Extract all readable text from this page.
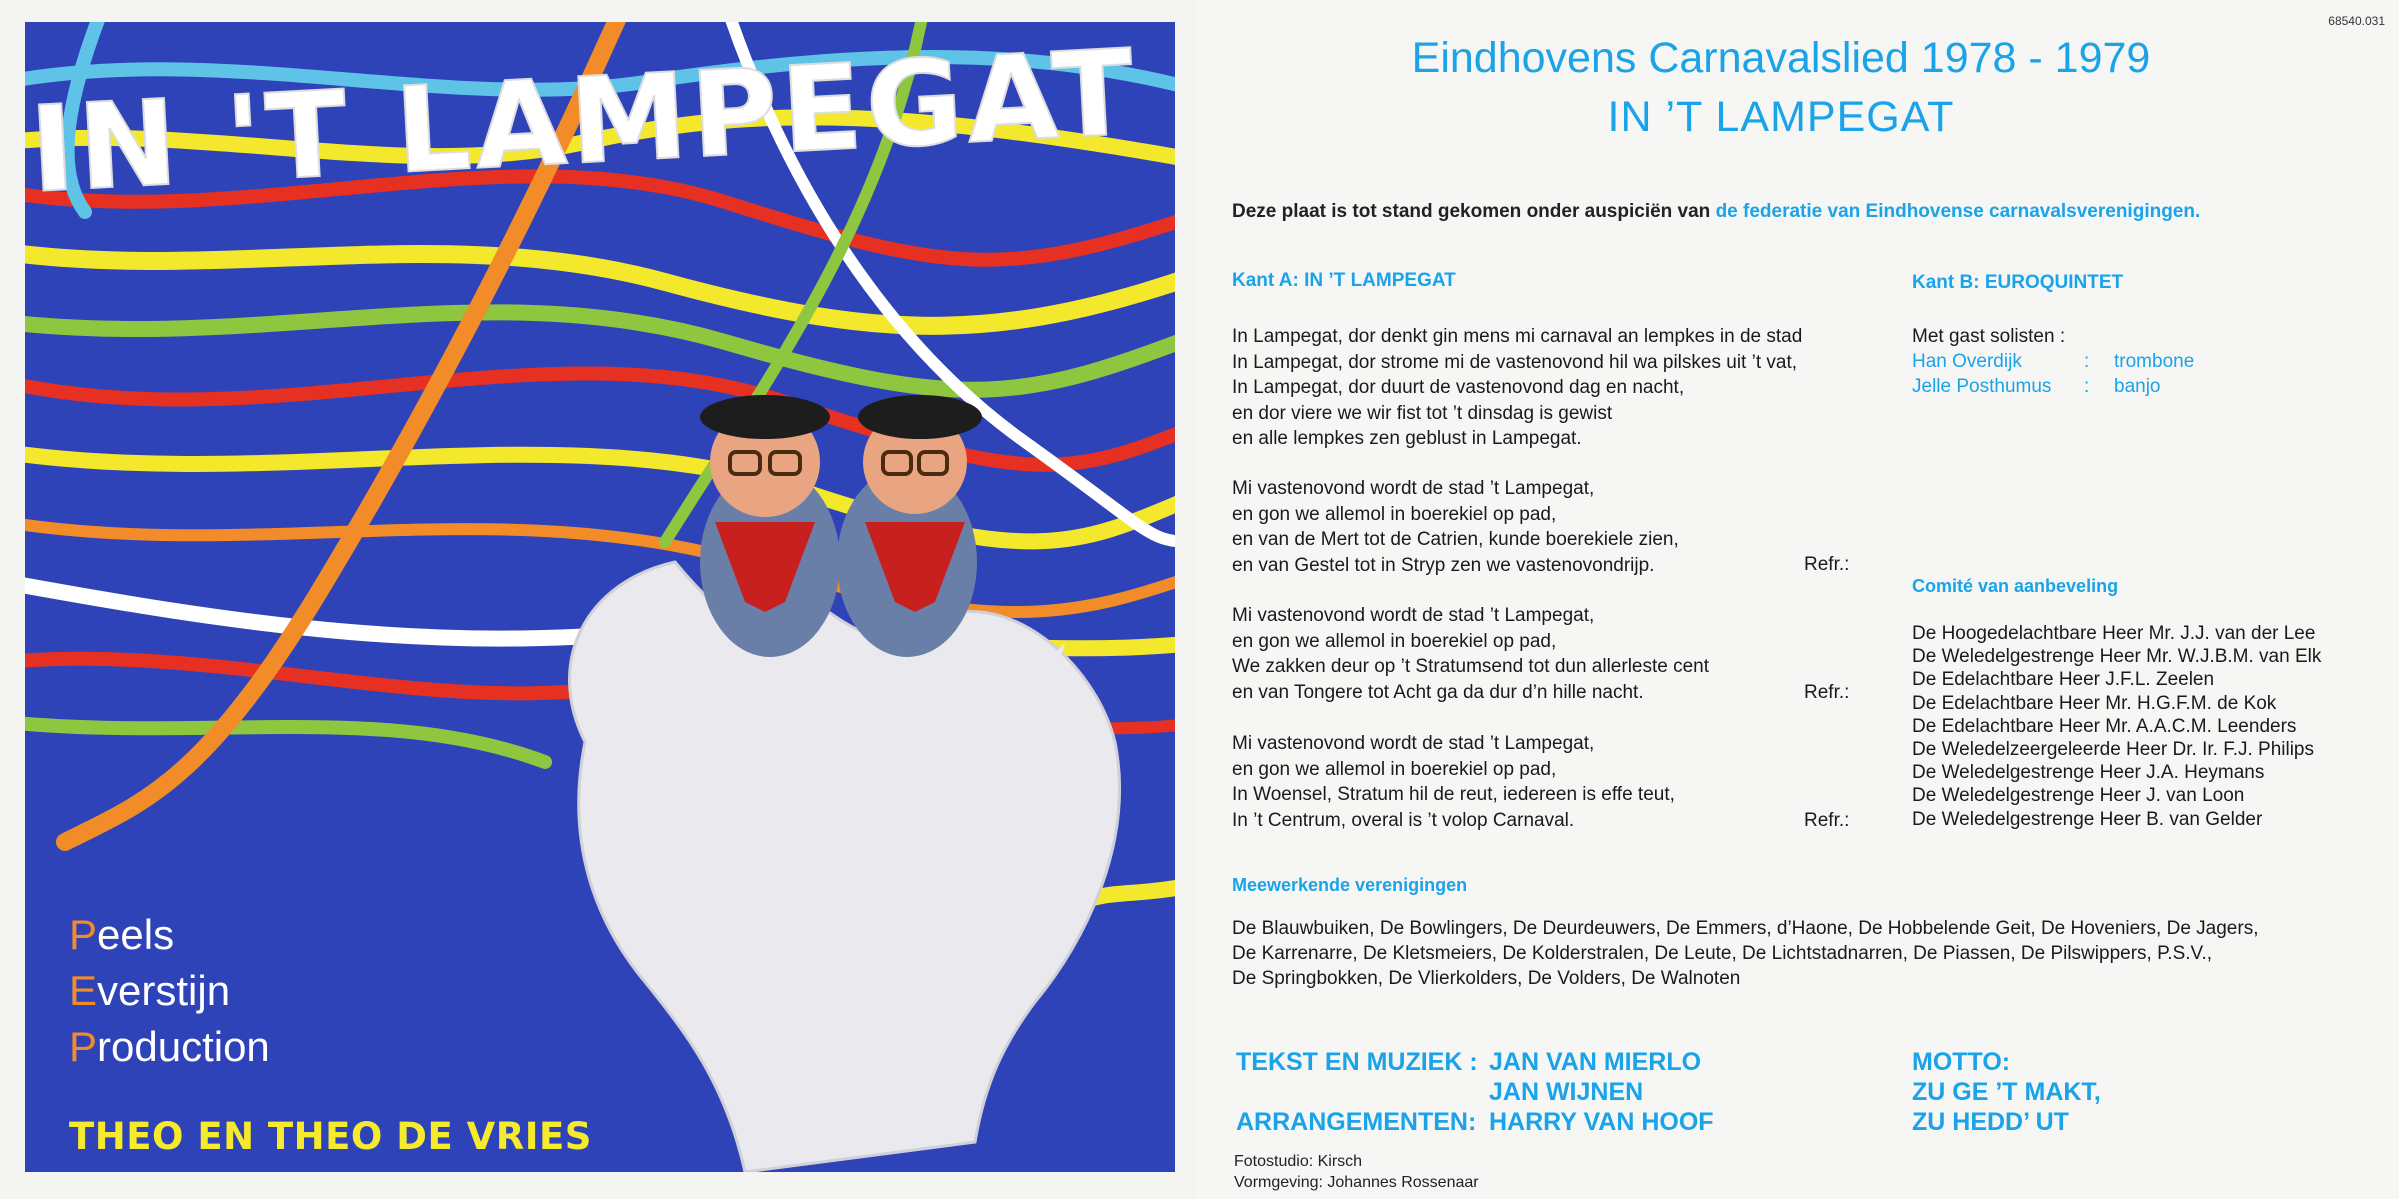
IN 'T LAMPEGAT
Peels
Everstijn
Production
THEO EN THEO DE VRIES
68540.031
Eindhovens Carnavalslied 1978 - 1979
IN ’T LAMPEGAT
Deze plaat is tot stand gekomen onder auspiciën van de federatie van Eindhovense carnavalsverenigingen.
Kant A: IN ’T LAMPEGAT	Kant B: EUROQUINTET
In Lampegat, dor denkt gin mens mi carnaval an lempkes in de stad
In Lampegat, dor strome mi de vastenovond hil wa pilskes uit ’t vat,
In Lampegat, dor duurt de vastenovond dag en nacht,
en dor viere we wir fist tot ’t dinsdag is gewist
en alle lempkes zen geblust in Lampegat.
Mi vastenovond wordt de stad ’t Lampegat,
en gon we allemol in boerekiel op pad,
en van de Mert tot de Catrien, kunde boerekiele zien,
en van Gestel tot in Stryp zen we vastenovondrijp.
Mi vastenovond wordt de stad ’t Lampegat,
en gon we allemol in boerekiel op pad,
We zakken deur op ’t Stratumsend tot dun allerleste cent
en van Tongere tot Acht ga da dur d’n hille nacht.
Mi vastenovond wordt de stad ’t Lampegat,
en gon we allemol in boerekiel op pad,
In Woensel, Stratum hil de reut, iedereen is effe teut,
In ’t Centrum, overal is ’t volop Carnaval.
Refr.:
Refr.:
Refr.:
Met gast solisten :
Han Overdijk	: trombone
Jelle Posthumus : banjo
Comité van aanbeveling
De Hoogedelachtbare Heer Mr. J.J. van der Lee
De Weledelgestrenge Heer Mr. W.J.B.M. van Elk
De Edelachtbare Heer J.F.L. Zeelen
De Edelachtbare Heer Mr. H.G.F.M. de Kok
De Edelachtbare Heer Mr. A.A.C.M. Leenders
De Weledelzeergeleerde Heer Dr. Ir. F.J. Philips
De Weledelgestrenge Heer J.A. Heymans
De Weledelgestrenge Heer J. van Loon
De Weledelgestrenge Heer B. van Gelder
Meewerkende verenigingen
De Blauwbuiken, De Bowlingers, De Deurdeuwers, De Emmers, d’Haone, De Hobbelende Geit, De Hoveniers, De Jagers,
De Karrenarre, De Kletsmeiers, De Kolderstralen, De Leute, De Lichtstadnarren, De Piassen, De Pilswippers, P.S.V.,
De Springbokken, De Vlierkolders, De Volders, De Walnoten
TEKST EN MUZIEK : JAN VAN MIERLO
JAN WIJNEN
ARRANGEMENTEN: HARRY VAN HOOF
MOTTO:
ZU GE ’T MAKT,
ZU HEDD’ UT
Fotostudio: Kirsch
Vormgeving: Johannes Rossenaar
